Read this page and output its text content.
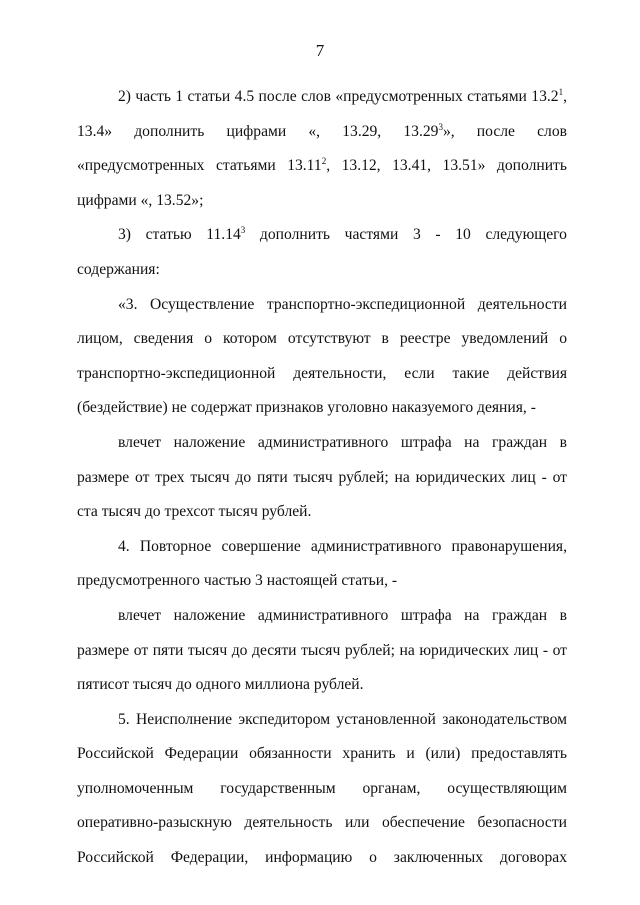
7

2) часть 1 статьи 4.5 после слов «предусмотренных статьями 13.2$^1$, 13.4» дополнить цифрами «, 13.29, 13.29$^3$», после слов «предусмотренных статьями 13.11$^2$, 13.12, 13.41, 13.51» дополнить цифрами «, 13.52»;

3) статью 11.14$^3$ дополнить частями 3 - 10 следующего содержания:

«3. Осуществление транспортно-экспедиционной деятельности лицом, сведения о котором отсутствуют в реестре уведомлений о транспортно-экспедиционной деятельности, если такие действия (бездействие) не содержат признаков уголовно наказуемого деяния, -

влечет наложение административного штрафа на граждан в размере от трех тысяч до пяти тысяч рублей; на юридических лиц - от ста тысяч до трехсот тысяч рублей.

4. Повторное совершение административного правонарушения, предусмотренного частью 3 настоящей статьи, -

влечет наложение административного штрафа на граждан в размере от пяти тысяч до десяти тысяч рублей; на юридических лиц - от пятисот тысяч до одного миллиона рублей.

5. Неисполнение экспедитором установленной законодательством Российской Федерации обязанности хранить и (или) предоставлять уполномоченным государственным органам, осуществляющим оперативно-разыскную деятельность или обеспечение безопасности Российской Федерации, информацию о заключенных договорах
